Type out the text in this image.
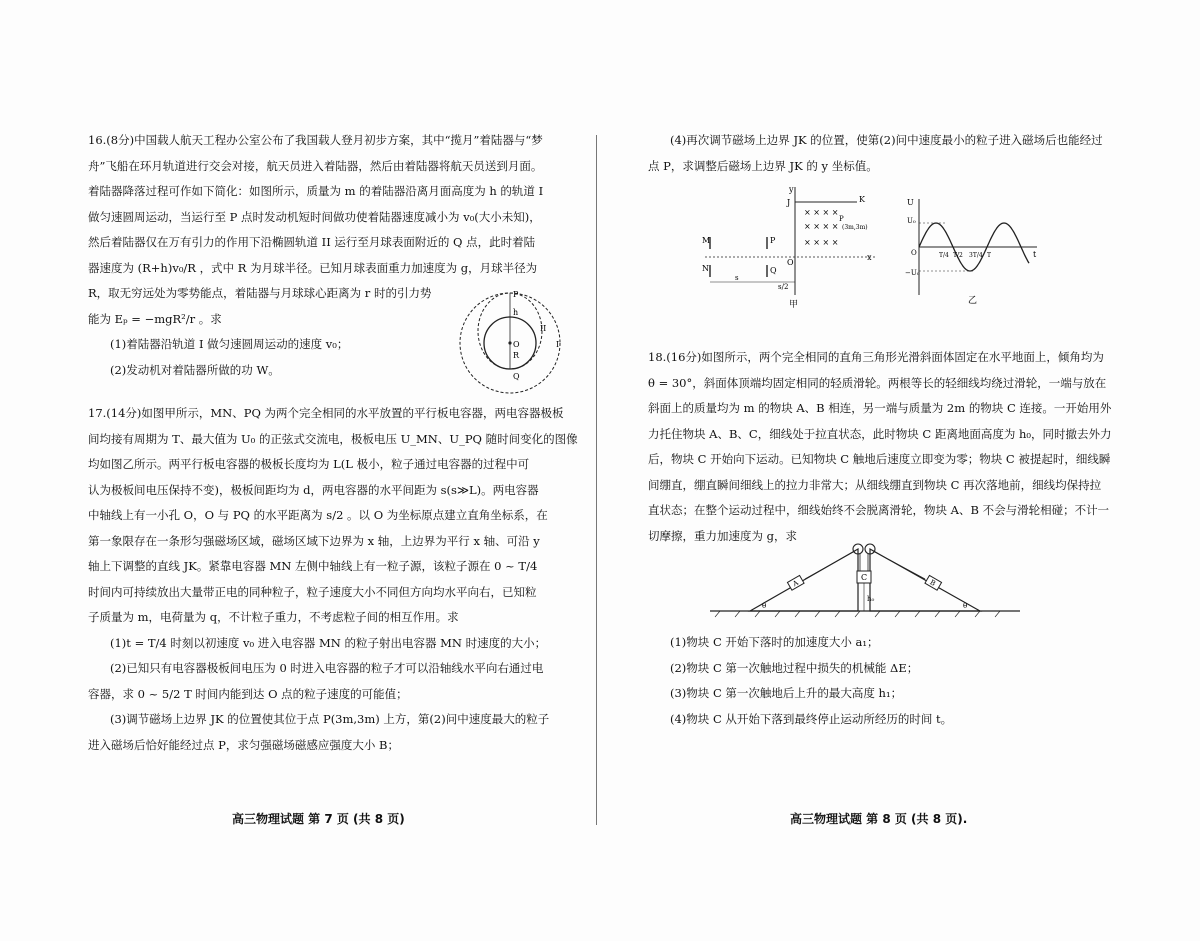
16.(8分)中国载人航天工程办公室公布了我国载人登月初步方案，其中“揽月”着陆器与“梦

舟”飞船在环月轨道进行交会对接，航天员进入着陆器，然后由着陆器将航天员送到月面。

着陆器降落过程可作如下简化：如图所示，质量为 m 的着陆器沿离月面高度为 h 的轨道 I

做匀速圆周运动，当运行至 P 点时发动机短时间做功使着陆器速度减小为 v₀(大小未知)，

然后着陆器仅在万有引力的作用下沿椭圆轨道 II 运行至月球表面附近的 Q 点，此时着陆

器速度为 (R+h)v₀/R ，式中 R 为月球半径。已知月球表面重力加速度为 g，月球半径为

R，取无穷远处为零势能点，着陆器与月球球心距离为 r 时的引力势

能为 Eₚ = −mgR²/r 。求

(1)着陆器沿轨道 I 做匀速圆周运动的速度 v₀；

(2)发动机对着陆器所做的功 W。

17.(14分)如图甲所示，MN、PQ 为两个完全相同的水平放置的平行板电容器，两电容器极板

间均接有周期为 T、最大值为 U₀ 的正弦式交流电，极板电压 U_MN、U_PQ 随时间变化的图像

均如图乙所示。两平行板电容器的极板长度均为 L(L 极小，粒子通过电容器的过程中可

认为极板间电压保持不变)，极板间距均为 d，两电容器的水平间距为 s(s≫L)。两电容器

中轴线上有一小孔 O，O 与 PQ 的水平距离为 s/2 。以 O 为坐标原点建立直角坐标系，在

第一象限存在一条形匀强磁场区域，磁场区域下边界为 x 轴，上边界为平行 x 轴、可沿 y

轴上下调整的直线 JK。紧靠电容器 MN 左侧中轴线上有一粒子源，该粒子源在 0 ~ T/4

时间内可持续放出大量带正电的同种粒子，粒子速度大小不同但方向均水平向右，已知粒

子质量为 m，电荷量为 q，不计粒子重力，不考虑粒子间的相互作用。求

(1)t = T/4 时刻以初速度 v₀ 进入电容器 MN 的粒子射出电容器 MN 时速度的大小；

(2)已知只有电容器极板间电压为 0 时进入电容器的粒子才可以沿轴线水平向右通过电

容器，求 0 ~ 5/2 T 时间内能到达 O 点的粒子速度的可能值；

(3)调节磁场上边界 JK 的位置使其位于点 P(3m,3m) 上方，第(2)问中速度最大的粒子

进入磁场后恰好能经过点 P，求匀强磁场磁感应强度大小 B；

P
h
O
R
Q
II
I

(4)再次调节磁场上边界 JK 的位置，使第(2)问中速度最小的粒子进入磁场后也能经过

点 P，求调整后磁场上边界 JK 的 y 坐标值。

y
x
J	K
× × × ×
× × × ×
× × × ×
P
(3m,3m)
M	P
N	Q
O
s
s/2
甲
U
t
U₀
−U₀
O	T/4 T/2 3T/4 T
乙

18.(16分)如图所示，两个完全相同的直角三角形光滑斜面体固定在水平地面上，倾角均为

θ = 30°，斜面体顶端均固定相同的轻质滑轮。两根等长的轻细线均绕过滑轮，一端与放在

斜面上的质量均为 m 的物块 A、B 相连，另一端与质量为 2m 的物块 C 连接。一开始用外

力托住物块 A、B、C，细线处于拉直状态，此时物块 C 距离地面高度为 h₀，同时撤去外力

后，物块 C 开始向下运动。已知物块 C 触地后速度立即变为零；物块 C 被提起时，细线瞬

间绷直，绷直瞬间细线上的拉力非常大；从细线绷直到物块 C 再次落地前，细线均保持拉

直状态；在整个运动过程中，细线始终不会脱离滑轮，物块 A、B 不会与滑轮相碰；不计一

切摩擦，重力加速度为 g，求

C
h₀
A	B
θ	θ

(1)物块 C 开始下落时的加速度大小 a₁；

(2)物块 C 第一次触地过程中损失的机械能 ΔE；

(3)物块 C 第一次触地后上升的最大高度 h₁；

(4)物块 C 从开始下落到最终停止运动所经历的时间 t。

高三物理试题 第 7 页 (共 8 页)	高三物理试题 第 8 页 (共 8 页).
